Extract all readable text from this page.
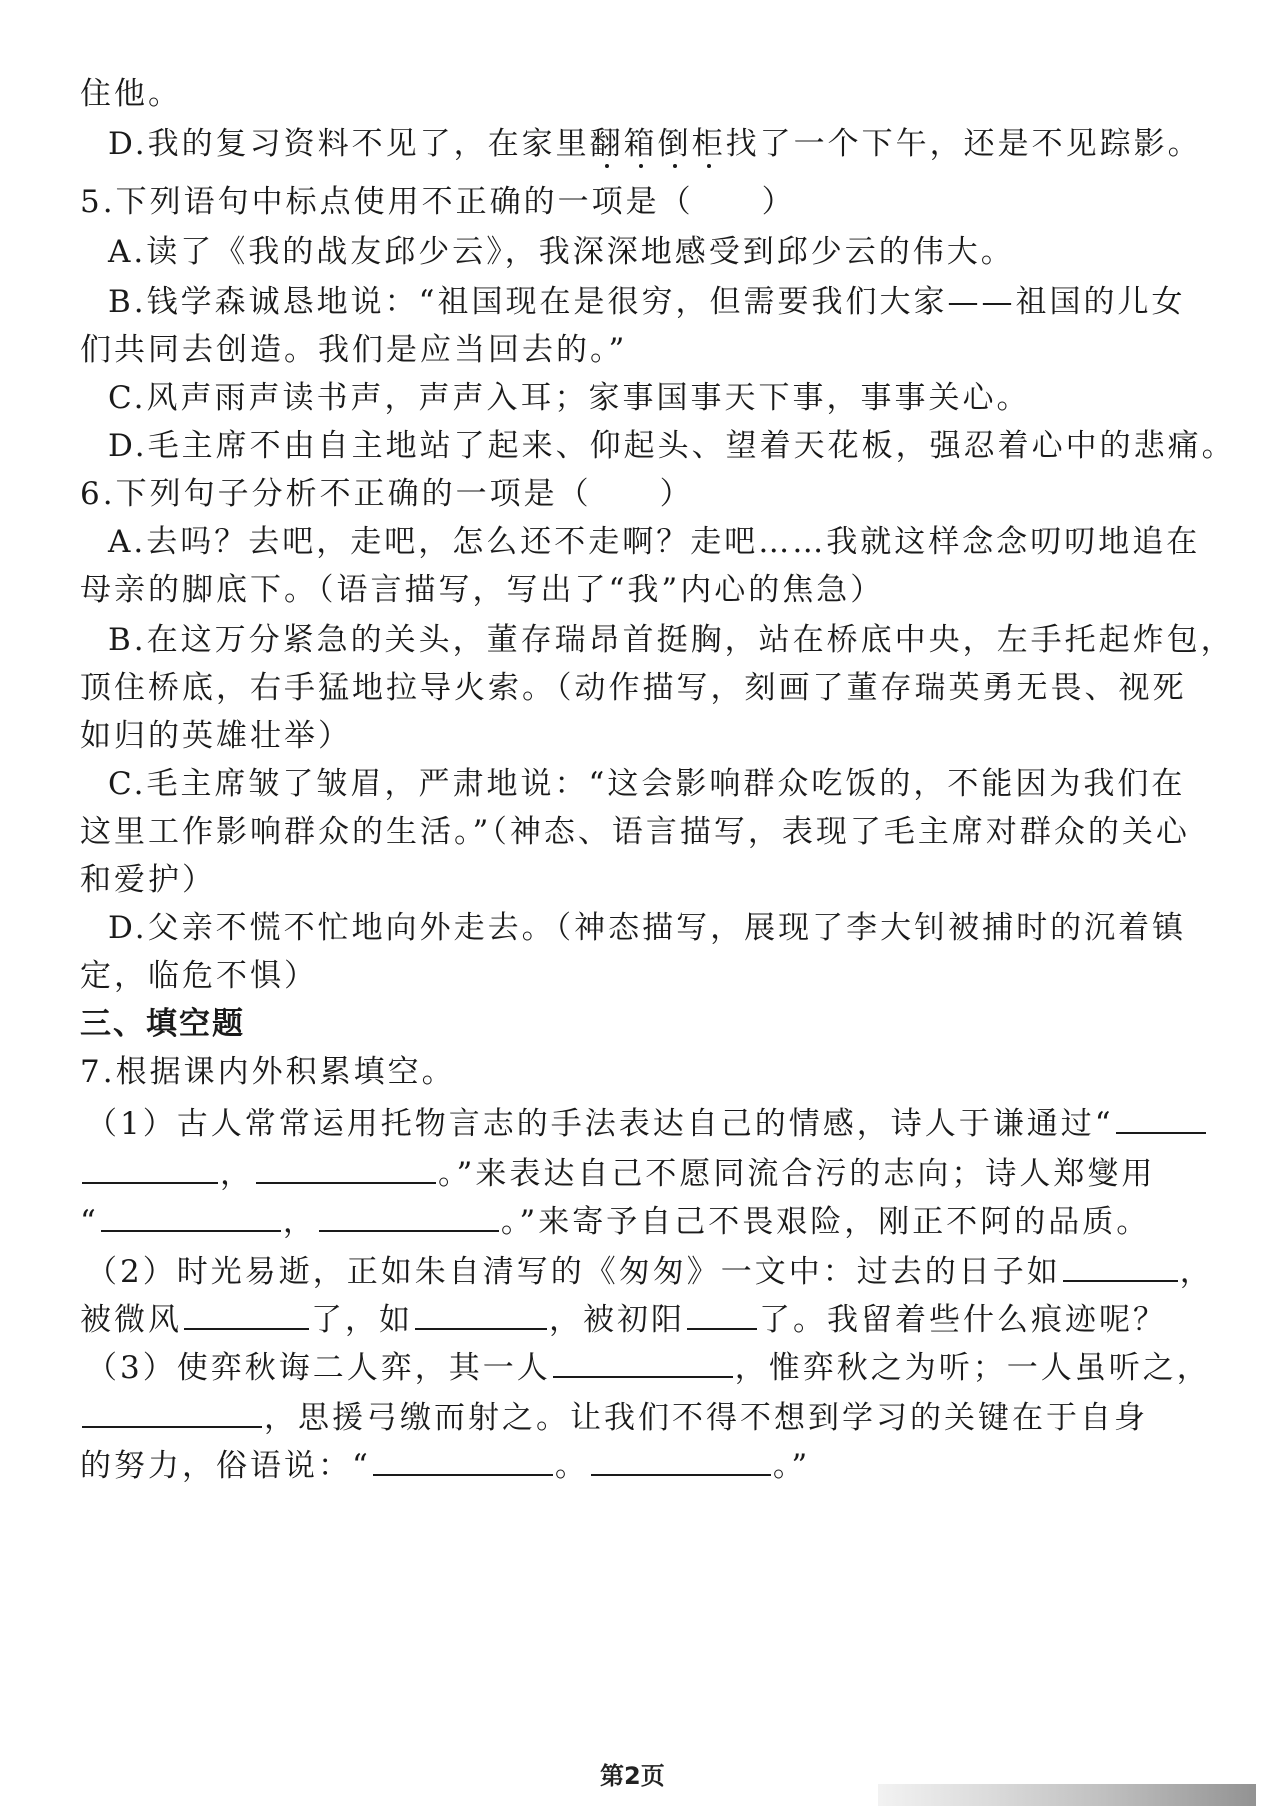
住他。
D.我的复习资料不见了，在家里翻箱倒柜找了一个下午，还是不见踪影。
5.下列语句中标点使用不正确的一项是（　　）
A.读了《我的战友邱少云》，我深深地感受到邱少云的伟大。
B.钱学森诚恳地说：“祖国现在是很穷，但需要我们大家——祖国的儿女
们共同去创造。我们是应当回去的。”
C.风声雨声读书声，声声入耳；家事国事天下事，事事关心。
D.毛主席不由自主地站了起来、仰起头、望着天花板，强忍着心中的悲痛。
6.下列句子分析不正确的一项是（　　）
A.去吗？去吧，走吧，怎么还不走啊？走吧……我就这样念念叨叨地追在
母亲的脚底下。（语言描写，写出了“我”内心的焦急）
B.在这万分紧急的关头，董存瑞昂首挺胸，站在桥底中央，左手托起炸包，
顶住桥底，右手猛地拉导火索。（动作描写，刻画了董存瑞英勇无畏、视死
如归的英雄壮举）
C.毛主席皱了皱眉，严肃地说：“这会影响群众吃饭的，不能因为我们在
这里工作影响群众的生活。”（神态、语言描写，表现了毛主席对群众的关心
和爱护）
D.父亲不慌不忙地向外走去。（神态描写，展现了李大钊被捕时的沉着镇
定，临危不惧）
三、填空题
7.根据课内外积累填空。
（1）古人常常运用托物言志的手法表达自己的情感，诗人于谦通过“
，	。”来表达自己不愿同流合污的志向；诗人郑燮用
“	，	。”来寄予自己不畏艰险，刚正不阿的品质。
（2）时光易逝，正如朱自清写的《匆匆》一文中：过去的日子如	，
被微风	了，如	，被初阳 了。我留着些什么痕迹呢？
（3）使弈秋诲二人弈，其一人	，惟弈秋之为听；一人虽听之，
，思援弓缴而射之。让我们不得不想到学习的关键在于自身
的努力，俗语说：“	。	。”
第2页
